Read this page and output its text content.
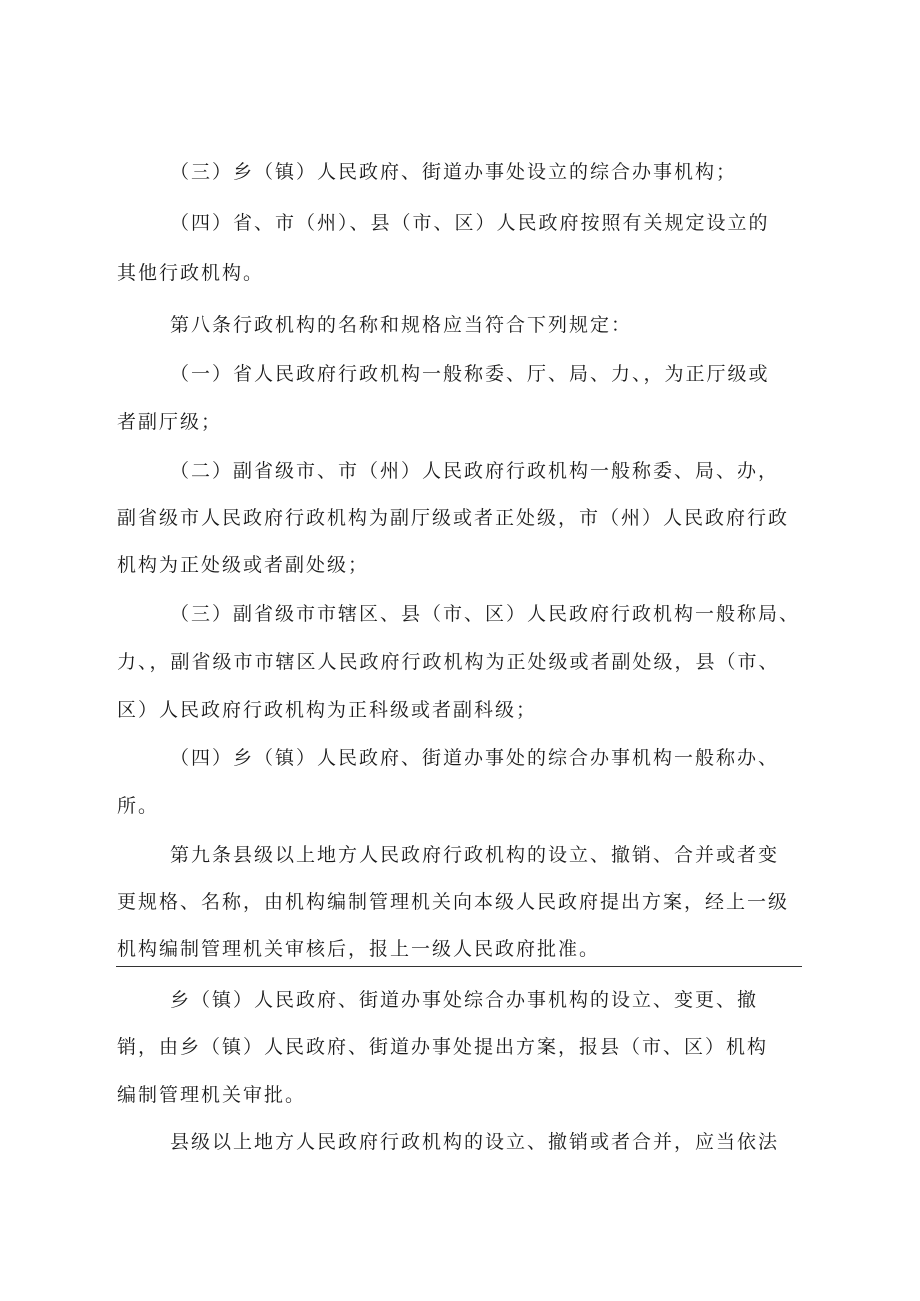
（三）乡（镇）人民政府、街道办事处设立的综合办事机构；
（四）省、市（州）、县（市、区）人民政府按照有关规定设立的
其他行政机构。
第八条行政机构的名称和规格应当符合下列规定：
（一）省人民政府行政机构一般称委、厅、局、力、，为正厅级或
者副厅级；
（二）副省级市、市（州）人民政府行政机构一般称委、局、办，
副省级市人民政府行政机构为副厅级或者正处级，市（州）人民政府行政
机构为正处级或者副处级；
（三）副省级市市辖区、县（市、区）人民政府行政机构一般称局、
力、，副省级市市辖区人民政府行政机构为正处级或者副处级，县（市、
区）人民政府行政机构为正科级或者副科级；
（四）乡（镇）人民政府、街道办事处的综合办事机构一般称办、
所。
第九条县级以上地方人民政府行政机构的设立、撤销、合并或者变
更规格、名称，由机构编制管理机关向本级人民政府提出方案，经上一级
机构编制管理机关审核后，报上一级人民政府批准。
乡（镇）人民政府、街道办事处综合办事机构的设立、变更、撤
销，由乡（镇）人民政府、街道办事处提出方案，报县（市、区）机构
编制管理机关审批。
县级以上地方人民政府行政机构的设立、撤销或者合并，应当依法
